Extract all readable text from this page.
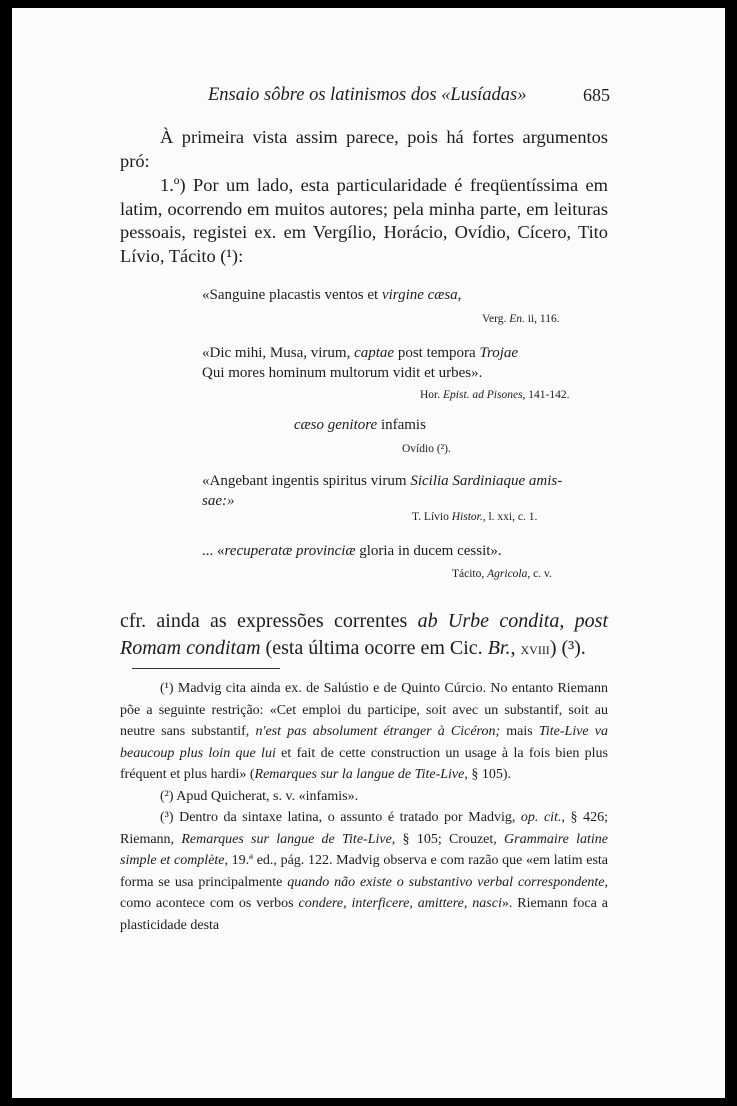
Ensaio sôbre os latinismos dos «Lusíadas»	685

À primeira vista assim parece, pois há fortes argumentos pró:

1.º) Por um lado, esta particularidade é freqüentíssima em latim, ocorrendo em muitos autores; pela minha parte, em leituras pessoais, registei ex. em Vergílio, Horácio, Ovídio, Cícero, Tito Lívio, Tácito (¹):

«Sanguine placastis ventos et virgine cæsa,
Verg. En. ii, 116.
«Dic mihi, Musa, virum, captae post tempora Trojae
Qui mores hominum multorum vidit et urbes».
Hor. Epist. ad Pisones, 141-142.
cæso genitore infamis
Ovídio (²).
«Angebant ingentis spiritus virum Sicilia Sardiniaque amis-
sae:»
T. Lívio Histor., l. xxi, c. 1.
... «recuperatæ provinciæ gloria in ducem cessit».
Tácito, Agricola, c. v.

cfr. ainda as expressões correntes ab Urbe condita, post Romam conditam (esta última ocorre em Cic. Br., xviii) (³).

(¹) Madvig cita ainda ex. de Salústio e de Quinto Cúrcio. No entanto Riemann põe a seguinte restrição: «Cet emploi du participe, soit avec un substantif, soit au neutre sans substantif, n'est pas absolument étranger à Cicéron; mais Tite-Live va beaucoup plus loin que lui et fait de cette construction un usage à la fois bien plus fréquent et plus hardi» (Remarques sur la langue de Tite-Live, § 105).

(²) Apud Quicherat, s. v. «infamis».

(³) Dentro da sintaxe latina, o assunto é tratado por Madvig, op. cit., § 426; Riemann, Remarques sur langue de Tite-Live, § 105; Crouzet, Grammaire latine simple et complète, 19.ª ed., pág. 122. Madvig observa e com razão que «em latim esta forma se usa principalmente quando não existe o substantivo verbal correspondente, como acontece com os verbos condere, interficere, amittere, nasci». Riemann foca a plasticidade desta
